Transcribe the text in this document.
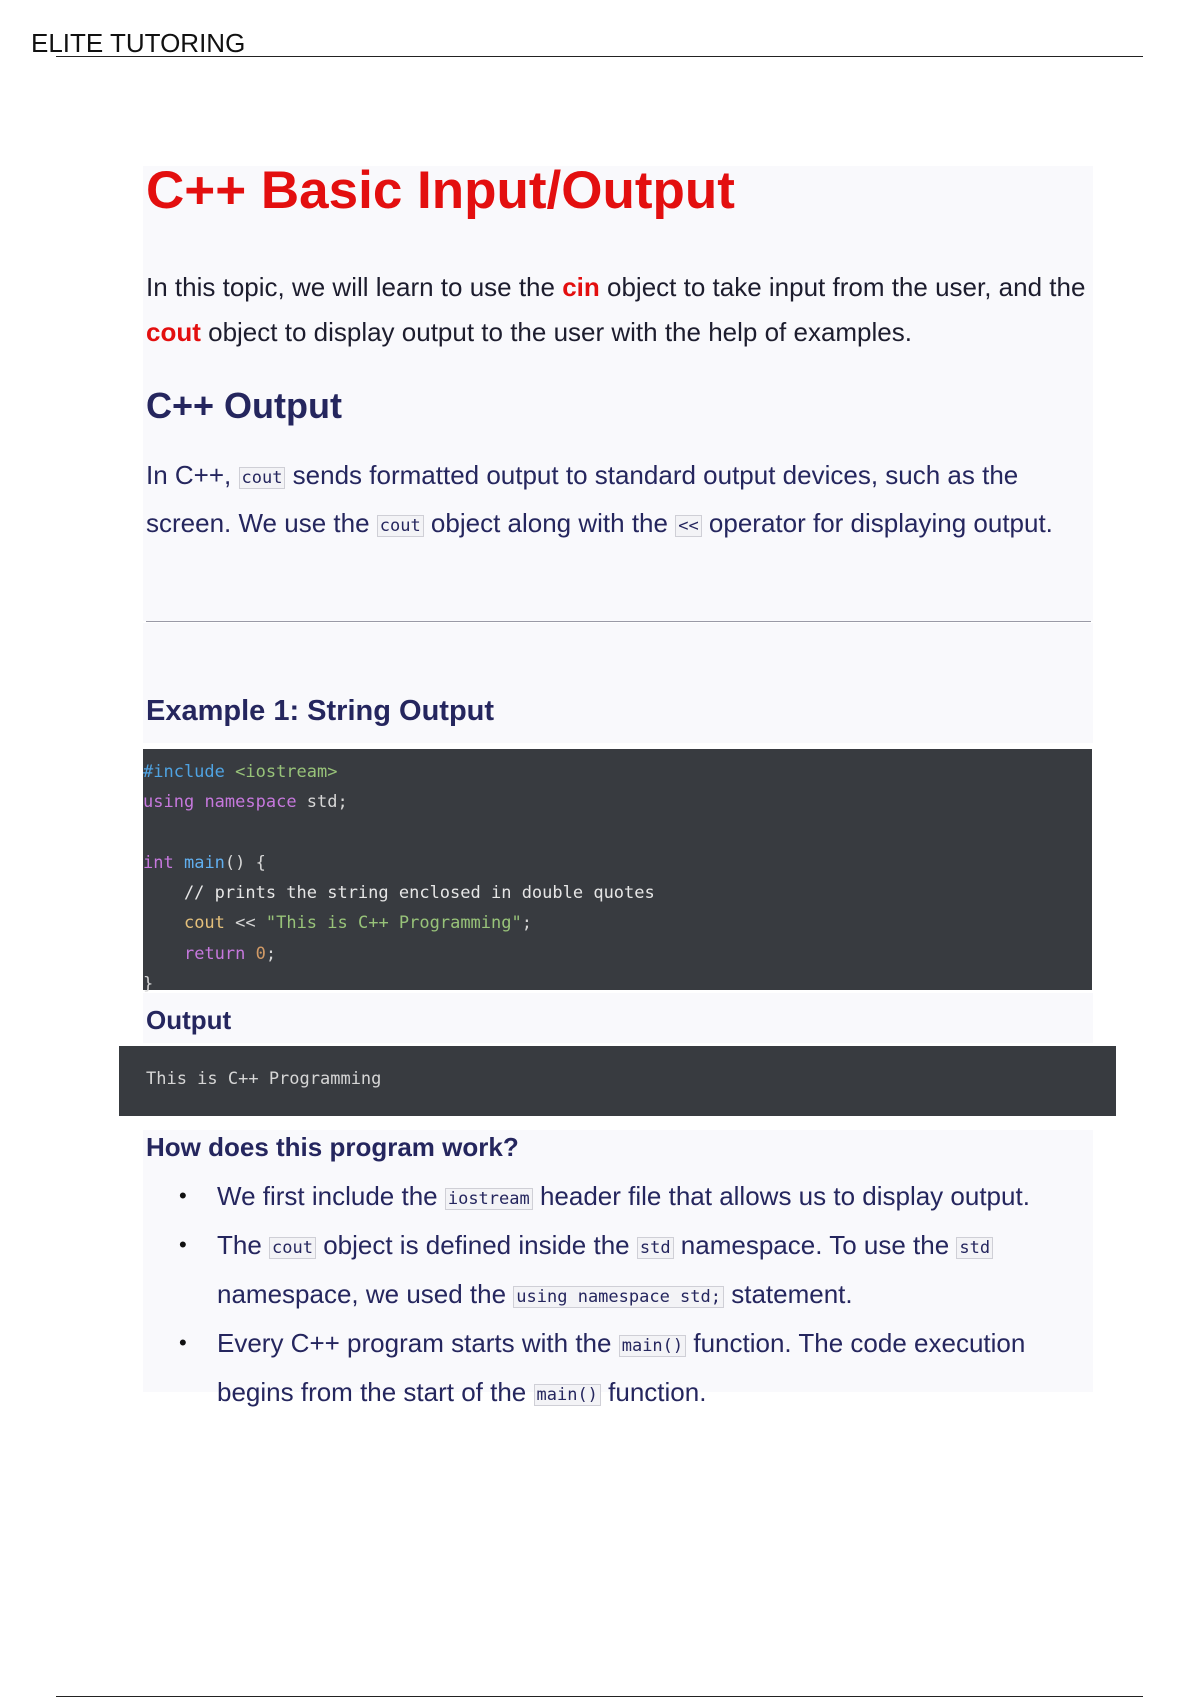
ELITE TUTORING
C++ Basic Input/Output

In this topic, we will learn to use the cin object to take input from the user, and the cout object to display output to the user with the help of examples.

C++ Output

In C++, cout sends formatted output to standard output devices, such as the screen. We use the cout object along with the << operator for displaying output.

Example 1: String Output
#include <iostream>
using namespace std;
int main() {
// prints the string enclosed in double quotes
cout << "This is C++ Programming";
return 0;
}
Output
This is C++ Programming
How does this program work?
• We first include the iostream header file that allows us to display output.
• The cout object is defined inside the std namespace. To use the std namespace, we used the using namespace std; statement.
• Every C++ program starts with the main() function. The code execution begins from the start of the main() function.
